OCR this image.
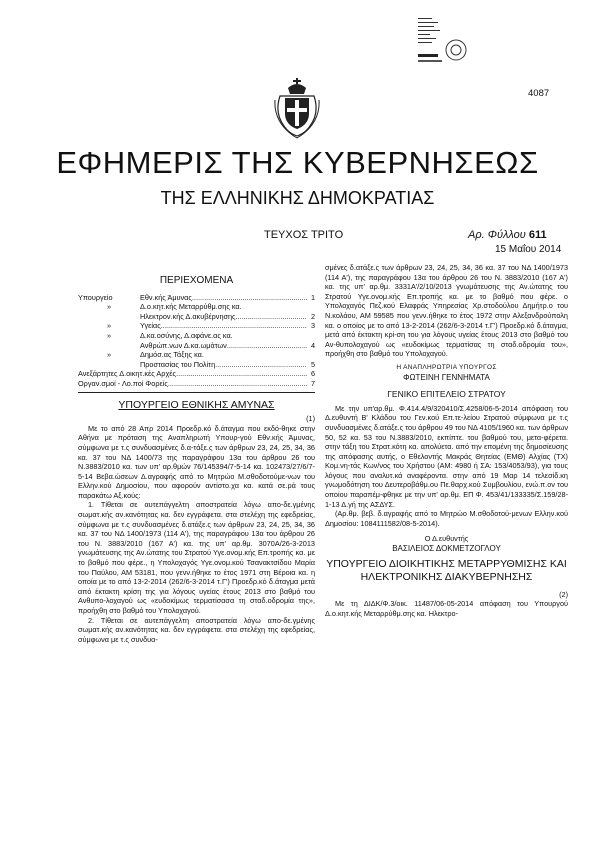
4087
ΕΦΗΜΕΡΙΣ ΤΗΣ ΚΥΒΕΡΝΗΣΕΩΣ
ΤΗΣ ΕΛΛΗΝΙΚΗΣ ΔΗΜΟΚΡΑΤΙΑΣ
ΤΕΥΧΟΣ ΤΡΙΤΟ	Αρ. Φύλλου 611
15 Μαΐου 2014
ΠΕΡΙΕΧΟΜΕΝΑ
Υπουργείο	Εθν.κής Άμυνας .....	1
»	Δ.ο.κητ.κής Μεταρρύθμ.σης κα.
Ηλεκτρον.κής Δ.ακυβέρνησης .....	2
»	Υγείας .....	3
»	Δ.κα.οσύνης, Δ.αφάνε.ας κα.
Ανθρώπ.νων Δ.κα.ωμάτων .....	4
»	Δημόσ.ας Τάξης κα.
Προστασίας του Πολίτη .....	5
Ανεξάρτητες Δ.οικητ.κές Αρχές .....	6
Οργαν.σμοί - Λο.ποί Φορείς .....	7
ΥΠΟΥΡΓΕΙΟ ΕΘΝΙΚΗΣ ΑΜΥΝΑΣ
(1)

Με το από 28 Απρ 2014 Προεδρ.κό δ.άταγμα που εκδό-θηκε στην Αθήνα με πρόταση της Αναπληρωτή Υπουρ-γού Εθν.κής Άμυνας, σύμφωνα με τ.ς συνδυασμένες δ.α-τάξε.ς των άρθρων 23, 24, 25, 34, 36 κα. 37 του ΝΔ 1400/73 της παραγράφου 13α του άρθρου 26 του Ν.3883/2010 κα. των υπ' αρ.θμών 76/145394/7-5-14 κα. 102473/27/6/7-5-14 Βεβα.ώσεων Δ.αγραφής από το Μητρώο Μ.σθοδοτούμε-νων του Ελλην.κού Δημοσίου, που αφορούν αντίστο.χα κα. κατά σε.ρά τους παρακάτω Αξ.κούς:

1. Τίθεται σε αυτεπάγγελτη αποστρατεία λόγω απο-δε.γμένης σωματ.κής αν.κανότητας κα. δεν εγγράφετα. στα στελέχη της εφεδρείας, σύμφωνα με τ.ς συνδυασμένες δ.ατάξε.ς των άρθρων 23, 24, 25, 34, 36 κα. 37 του ΝΔ 1400/1973 (114 Α'), της παραγράφου 13α του άρθρου 26 του Ν. 3883/2010 (167 Α') κα. της υπ' αρ.θμ. 3070Α/26-3-2013 γνωμάτευσης της Αν.ώτατης του Στρατού Υγε.ονομ.κής Επ.τροπής κα. με το βαθμό που φέρε., η Υπολοχαγός Υγε.ονομ.κού Τσανακτσίδου Μαρία του Παύλου, ΑΜ 53181, που γενν.ήθηκε το έτος 1971 στη Βέροια κα. η οποία με το από 13-2-2014 (262/6-3-2014 τ.Γ') Προεδρ.κό δ.άταγμα μετά από έκτακτη κρίση της για λόγους υγείας έτους 2013 στο βαθμό του Ανθυπο-λοχαγού ως «ευδοκίμως τερματίσασα τη σταδ.οδρομία της», προήχθη στο βαθμό του Υπολοχαγού.

2. Τίθεται σε αυτεπάγγελτη αποστρατεία λόγω απο-δε.γμένης σωματ.κής αν.κανότητας κα. δεν εγγράφετα. στα στελέχη της εφεδρείας, σύμφωνα με τ.ς συνδυα-

σμένες δ.ατάξε.ς των άρθρων 23, 24, 25, 34, 36 κα. 37 του ΝΔ 1400/1973 (114 Α'), της παραγράφου 13α του άρθρου 26 του Ν. 3883/2010 (167 Α') κα. της υπ' αρ.θμ. 3331Α'/2/10/2013 γνωμάτευσης της Αν.ώτατης του Στρατού Υγε.ονομ.κής Επ.τροπής κα. με το βαθμό που φέρε. ο Υπολοχαγός Πεζ.κού Ελαφράς Υπηρεσίας Χρ.στοδούλου Δημήτρ.ο του Ν.κολάου, ΑΜ 59585 που γενν.ήθηκε το έτος 1972 στην Αλεξανδρούπολη κα. ο οποίος με το από 13-2-2014 (262/6-3-2014 τ.Γ') Προεδρ.κό δ.άταγμα, μετά από έκτακτη κρί-ση του για λόγους υγείας έτους 2013 στο βαθμό του Αν-θυπολοχαγού ως «ευδοκίμως τερματίσας τη σταδ.οδρομία του», προήχθη στο βαθμό του Υπολοχαγού.

Η ΑΝΑΠΛΗΡΩΤΡΙΑ ΥΠΟΥΡΓΟΣ
ΦΩΤΕΙΝΗ ΓΕΝΝΗΜΑΤΑ
ΓΕΝΙΚΟ ΕΠΙΤΕΛΕΙΟ ΣΤΡΑΤΟΥ

Με την υπ'αρ.θμ. Φ.414.4/9/320410/Σ.4258/06-5-2014 απόφαση του Δ.ευθυντή Β' Κλάδου του Γεν.κού Επ.τε-λείου Στρατού σύμφωνα με τ.ς συνδυασμένες δ.ατάξε.ς του άρθρου 49 του ΝΔ 4105/1960 κα. των άρθρων 50, 52 κα. 53 του Ν.3883/2010, εκπίπτε. του βαθμού του, μετα-φέρετα. στην τάξη του Στρατ.κότη κα. απολύετα. από την επομένη της δημοσίευσης της απόφασης αυτής, ο Εθελοντής Μακράς Θητείας (ΕΜΘ) Αλχίας (ΤΧ) Κομ.νη-τάς Κων/νος του Χρήστου (ΑΜ: 4980 ή ΣΑ: 153/4053/93), για τους λόγους που αναλυτ.κά αναφέροντα. στην από 19 Μαρ 14 τελεσίδ.κη γνωμοδότηση του Δευτεροβάθμ.ου Πε.θαρχ.κού Συμβουλίου, ενώ.π.ον του οποίου παραπέμ-φθηκε με την υπ' αρ.θμ. ΕΠ Φ. 453/41/133335/Σ.159/28-1-13 Δ.γή της ΑΣΔΥΣ.

(Αρ.θμ. βεβ. δ.αγραφής από το Μητρώο Μ.σθοδοτού-μενων Ελλην.κού Δημοσίου: 1084111582/08-5-2014).

Ο Δ.ευθυντής
ΒΑΣΙΛΕΙΟΣ ΔΟΚΜΕΤΖΟΓΛΟΥ
ΥΠΟΥΡΓΕΙΟ ΔΙΟΙΚΗΤΙΚΗΣ ΜΕΤΑΡΡΥΘΜΙΣΗΣ ΚΑΙ ΗΛΕΚΤΡΟΝΙΚΗΣ ΔΙΑΚΥΒΕΡΝΗΣΗΣ
(2)

Με τη ΔΙΔΚ/Φ.3/οικ. 11487/06-05-2014 απόφαση του Υπουργού Δ.ο.κητ.κής Μεταρρύθμ.σης κα. Ηλεκτρο-
